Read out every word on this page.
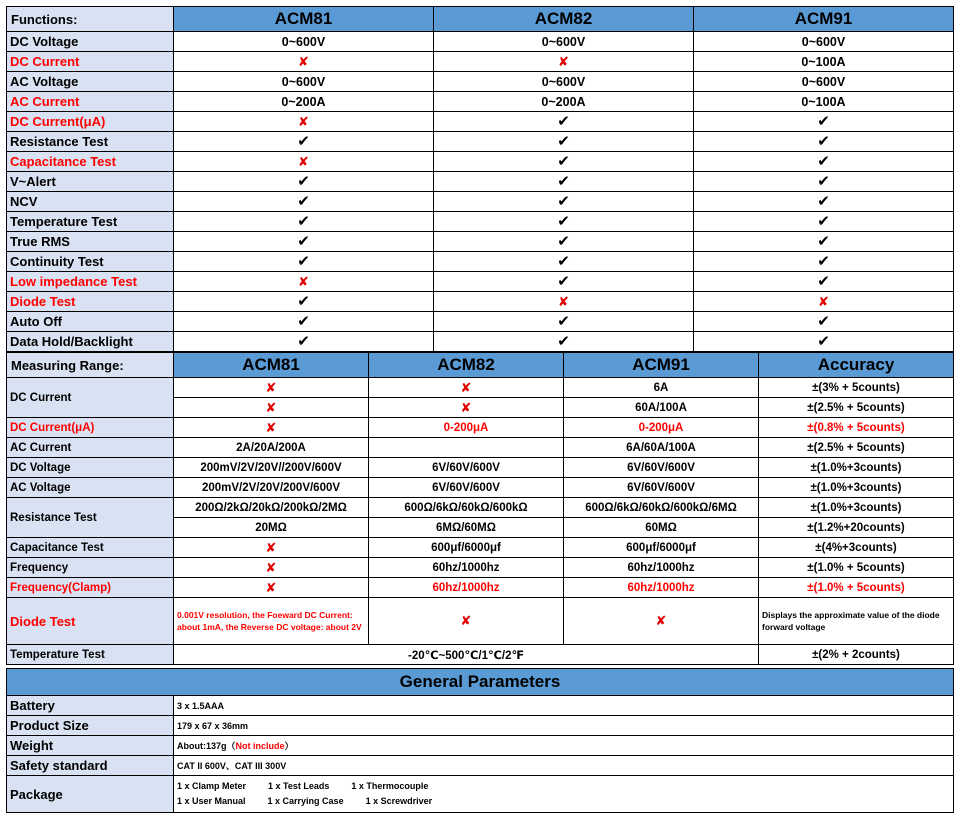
Functions:	ACM81	ACM82	ACM91
DC Voltage	0~600V	0~600V	0~600V
DC Current	✘	✘	0~100A
AC Voltage	0~600V	0~600V	0~600V
AC Current	0~200A	0~200A	0~100A
DC Current(μA)	✘	✔	✔
Resistance Test	✔	✔	✔
Capacitance Test	✘	✔	✔
V~Alert	✔	✔	✔
NCV	✔	✔	✔
Temperature Test	✔	✔	✔
True RMS	✔	✔	✔
Continuity Test	✔	✔	✔
Low impedance Test	✘	✔	✔
Diode Test	✔	✘	✘
Auto Off	✔	✔	✔
Data Hold/Backlight	✔	✔	✔
Measuring Range:	ACM81	ACM82	ACM91	Accuracy
DC Current	✘	✘	6A	±(3% + 5counts)
	✘	✘	60A/100A	±(2.5% + 5counts)
DC Current(μA)	✘	0-200μA	0-200μA	±(0.8% + 5counts)
AC Current	2A/20A/200A		6A/60A/100A	±(2.5% + 5counts)
DC Voltage	200mV/2V/20V//200V/600V	6V/60V/600V	6V/60V/600V	±(1.0%+3counts)
AC Voltage	200mV/2V/20V/200V/600V	6V/60V/600V	6V/60V/600V	±(1.0%+3counts)
Resistance Test	200Ω/2kΩ/20kΩ/200kΩ/2MΩ	600Ω/6kΩ/60kΩ/600kΩ	600Ω/6kΩ/60kΩ/600kΩ/6MΩ	±(1.0%+3counts)
	20MΩ	6MΩ/60MΩ	60MΩ	±(1.2%+20counts)
Capacitance Test	✘	600μf/6000μf	600μf/6000μf	±(4%+3counts)
Frequency	✘	60hz/1000hz	60hz/1000hz	±(1.0% + 5counts)
Frequency(Clamp)	✘	60hz/1000hz	60hz/1000hz	±(1.0% + 5counts)
Diode Test	0.001V resolution, the Foeward DC Current: about 1mA, the Reverse DC voltage: about 2V	✘	✘	Displays the approximate value of the diode forward voltage
Temperature Test	-20℃~500℃/1℃/2℉			±(2% + 2counts)
General Parameters	
Battery	3 x 1.5AAA
Product Size	179 x 67 x 36mm
Weight	About:137g（Not include）
Safety standard	CAT II 600V、CAT III 300V
Package	1 x Clamp Meter 1 x Test Leads 1 x Thermocouple
1 x User Manual 1 x Carrying Case 1 x Screwdriver
